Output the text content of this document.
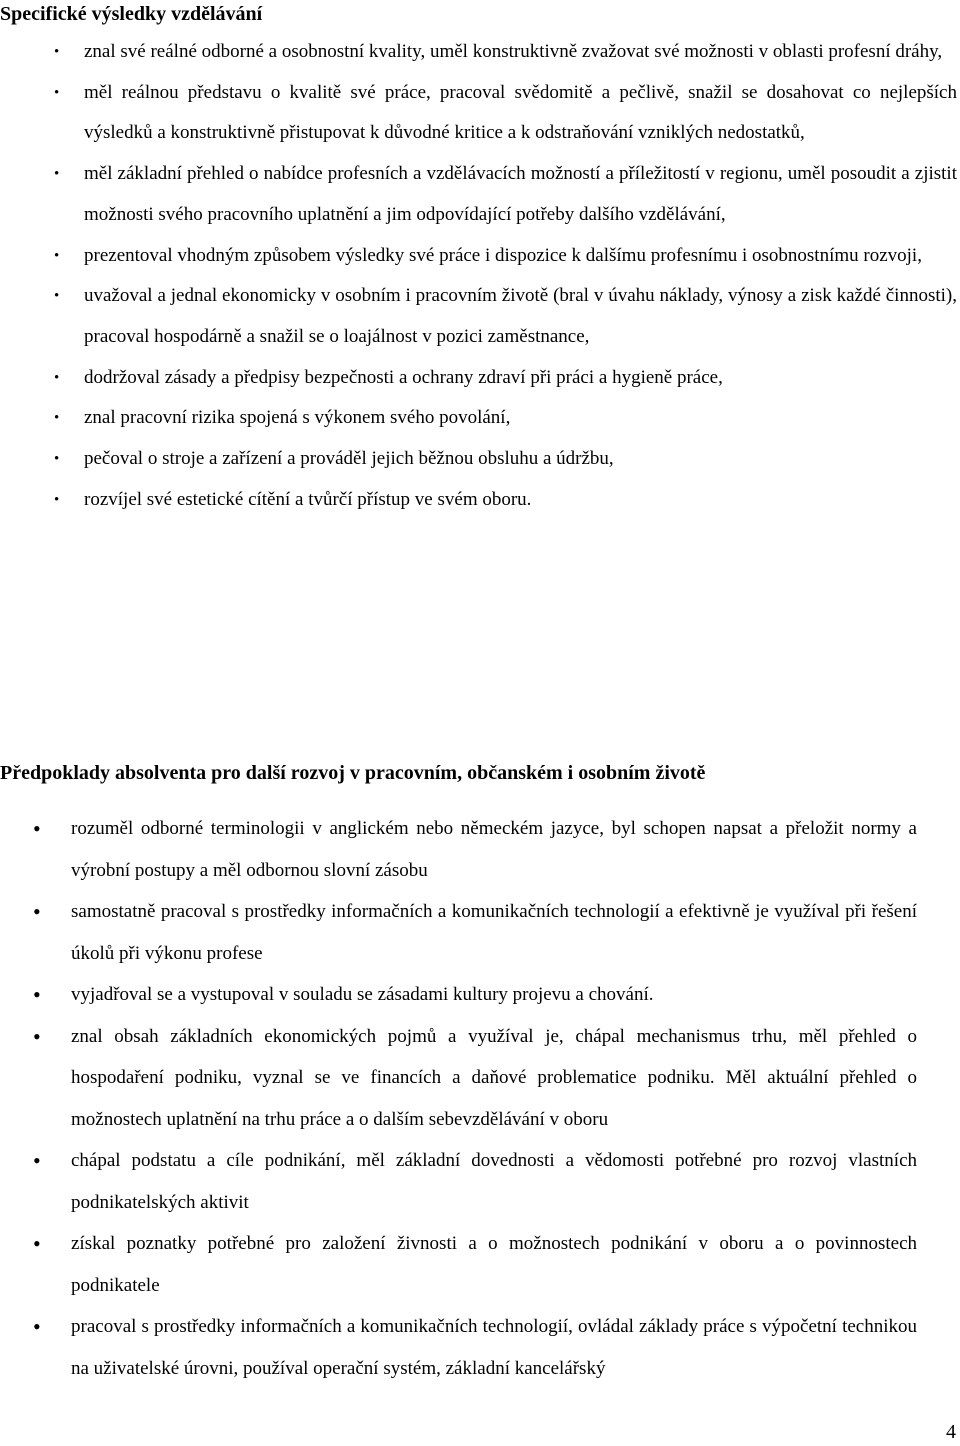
Specifické výsledky vzdělávání
• znal své reálné odborné a osobnostní kvality, uměl konstruktivně zvažovat své možnosti v oblasti profesní dráhy,
• měl reálnou představu o kvalitě své práce, pracoval svědomitě a pečlivě, snažil se dosahovat co nejlepších výsledků a konstruktivně přistupovat k důvodné kritice a k odstraňování vzniklých nedostatků,
• měl základní přehled o nabídce profesních a vzdělávacích možností a příležitostí v regionu, uměl posoudit a zjistit možnosti svého pracovního uplatnění a jim odpovídající potřeby dalšího vzdělávání,
• prezentoval vhodným způsobem výsledky své práce i dispozice k dalšímu profesnímu i osobnostnímu rozvoji,
• uvažoval a jednal ekonomicky v osobním i pracovním životě (bral v úvahu náklady, výnosy a zisk každé činnosti), pracoval hospodárně a snažil se o loajálnost v pozici zaměstnance,
• dodržoval zásady a předpisy bezpečnosti a ochrany zdraví při práci a hygieně práce,
• znal pracovní rizika spojená s výkonem svého povolání,
• pečoval o stroje a zařízení a prováděl jejich běžnou obsluhu a údržbu,
• rozvíjel své estetické cítění a tvůrčí přístup ve svém oboru.
Předpoklady absolventa pro další rozvoj v pracovním, občanském i osobním životě
• rozuměl odborné terminologii v anglickém nebo německém jazyce, byl schopen napsat a přeložit normy a výrobní postupy a měl odbornou slovní zásobu
• samostatně pracoval s prostředky informačních a komunikačních technologií a efektivně je využíval při řešení úkolů při výkonu profese
• vyjadřoval se a vystupoval v souladu se zásadami kultury projevu a chování.
• znal obsah základních ekonomických pojmů a využíval je, chápal mechanismus trhu, měl přehled o hospodaření podniku, vyznal se ve financích a daňové problematice podniku. Měl aktuální přehled o možnostech uplatnění na trhu práce a o dalším sebevzdělávání v oboru
• chápal podstatu a cíle podnikání, měl základní dovednosti a vědomosti potřebné pro rozvoj vlastních podnikatelských aktivit
• získal poznatky potřebné pro založení živnosti a o možnostech podnikání v oboru a o povinnostech podnikatele
• pracoval s prostředky informačních a komunikačních technologií, ovládal základy práce s výpočetní technikou na uživatelské úrovni, používal operační systém, základní kancelářský
4
